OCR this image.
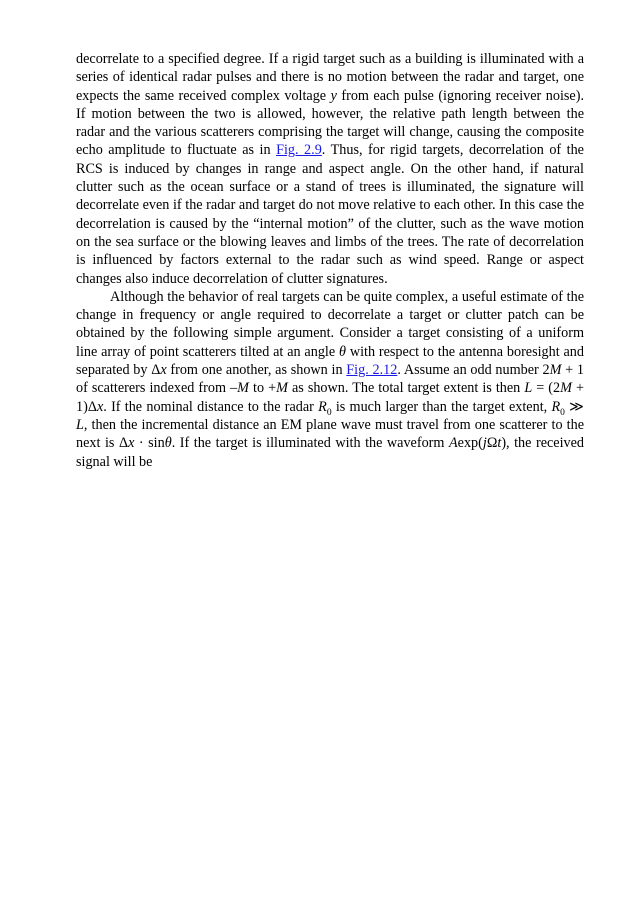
decorrelate to a specified degree. If a rigid target such as a building is illuminated with a series of identical radar pulses and there is no motion between the radar and target, one expects the same received complex voltage y from each pulse (ignoring receiver noise). If motion between the two is allowed, however, the relative path length between the radar and the various scatterers comprising the target will change, causing the composite echo amplitude to fluctuate as in Fig. 2.9. Thus, for rigid targets, decorrelation of the RCS is induced by changes in range and aspect angle. On the other hand, if natural clutter such as the ocean surface or a stand of trees is illuminated, the signature will decorrelate even if the radar and target do not move relative to each other. In this case the decorrelation is caused by the “internal motion” of the clutter, such as the wave motion on the sea surface or the blowing leaves and limbs of the trees. The rate of decorrelation is influenced by factors external to the radar such as wind speed. Range or aspect changes also induce decorrelation of clutter signatures.

Although the behavior of real targets can be quite complex, a useful estimate of the change in frequency or angle required to decorrelate a target or clutter patch can be obtained by the following simple argument. Consider a target consisting of a uniform line array of point scatterers tilted at an angle θ with respect to the antenna boresight and separated by Δx from one another, as shown in Fig. 2.12. Assume an odd number 2M + 1 of scatterers indexed from –M to +M as shown. The total target extent is then L = (2M + 1)Δx. If the nominal distance to the radar $R_0$ is much larger than the target extent, $R_0$ ≫ L, then the incremental distance an EM plane wave must travel from one scatterer to the next is Δx · sinθ. If the target is illuminated with the waveform Aexp(jΩt), the received signal will be
